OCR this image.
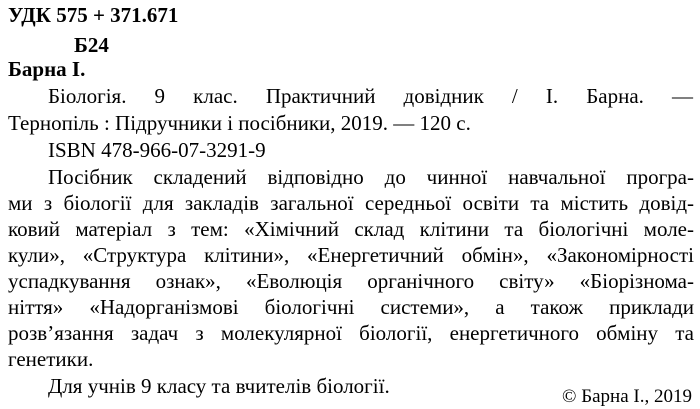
УДК 575 + 371.671
Б24
Барна І.
Біологія. 9 клас. Практичний довідник / І. Барна. —
Тернопіль : Підручники і посібники, 2019. — 120 с.
ISBN 478-966-07-3291-9
Посібник складений відповідно до чинної навчальної програ-
ми з біології для закладів загальної середньої освіти та містить довід-
ковий матеріал з тем: «Хімічний склад клітини та біологічні моле-
кули», «Структура клітини», «Енергетичний обмін», «Закономірності
успадкування ознак», «Еволюція органічного світу» «Біорізнома-
ніття» «Надорганізмові біологічні системи», а також приклади
розв’язання задач з молекулярної біології, енергетичного обміну та
генетики.
Для учнів 9 класу та вчителів біології.	© Барна І., 2019
